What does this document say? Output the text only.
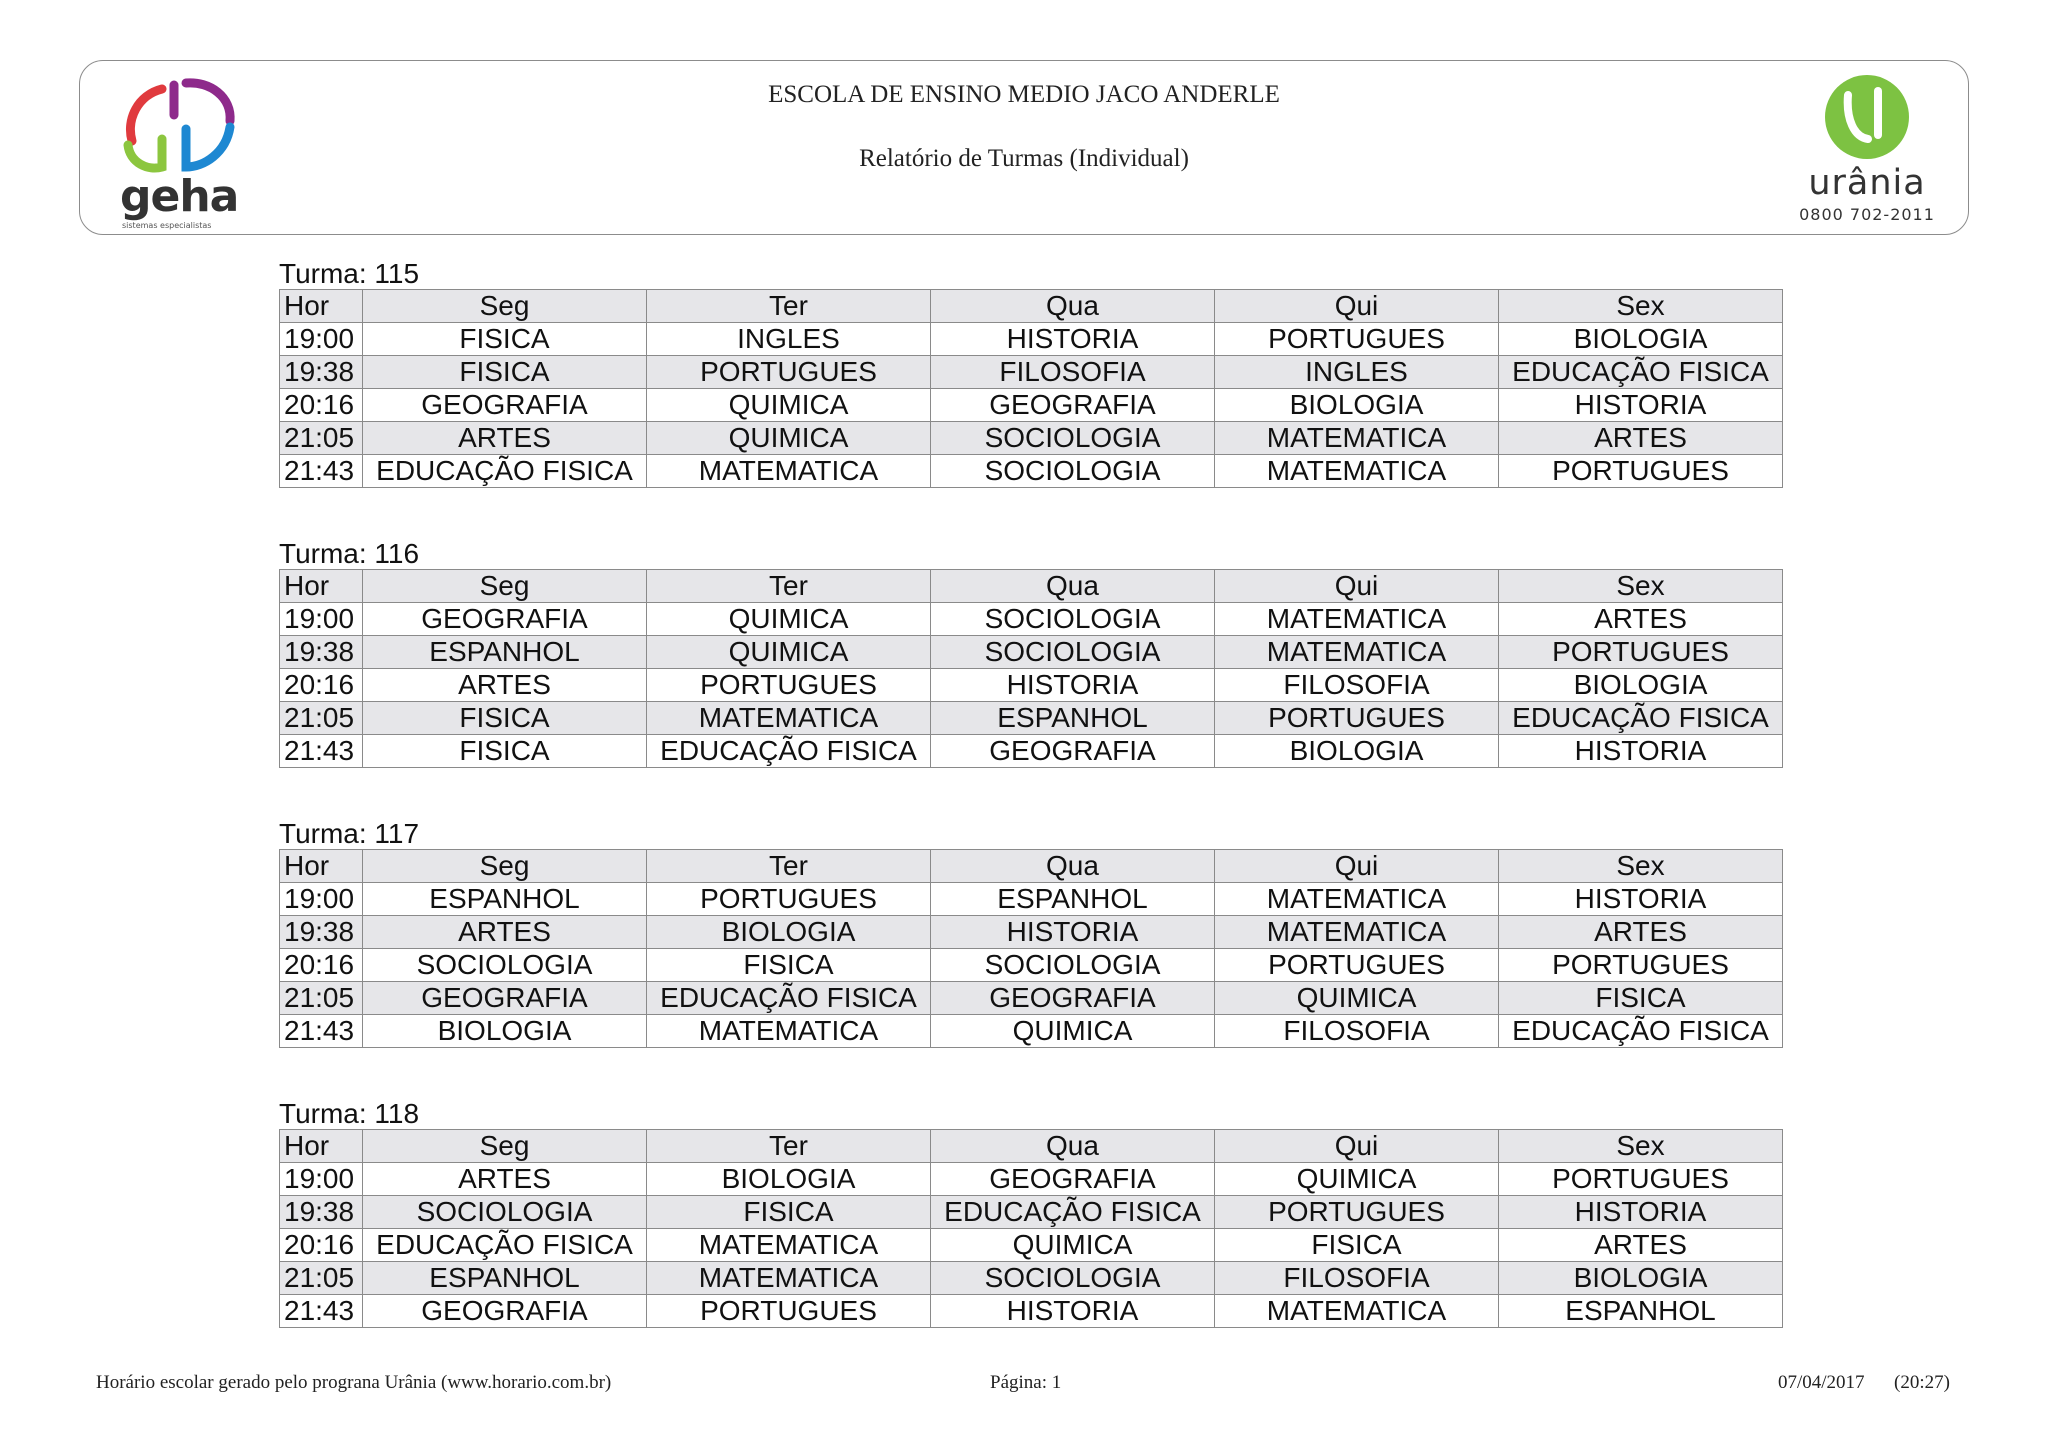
geha
sistemas especialistas
ESCOLA DE ENSINO MEDIO JACO ANDERLE
Relatório de Turmas (Individual)
urânia
0800 702-2011
Turma: 115
Hor	Seg	Ter	Qua	Qui	Sex
19:00	FISICA	INGLES	HISTORIA	PORTUGUES	BIOLOGIA
19:38	FISICA	PORTUGUES	FILOSOFIA	INGLES	EDUCAÇÃO FISICA
20:16	GEOGRAFIA	QUIMICA	GEOGRAFIA	BIOLOGIA	HISTORIA
21:05	ARTES	QUIMICA	SOCIOLOGIA	MATEMATICA	ARTES
21:43	EDUCAÇÃO FISICA	MATEMATICA	SOCIOLOGIA	MATEMATICA	PORTUGUES
Turma: 116
Hor	Seg	Ter	Qua	Qui	Sex
19:00	GEOGRAFIA	QUIMICA	SOCIOLOGIA	MATEMATICA	ARTES
19:38	ESPANHOL	QUIMICA	SOCIOLOGIA	MATEMATICA	PORTUGUES
20:16	ARTES	PORTUGUES	HISTORIA	FILOSOFIA	BIOLOGIA
21:05	FISICA	MATEMATICA	ESPANHOL	PORTUGUES	EDUCAÇÃO FISICA
21:43	FISICA	EDUCAÇÃO FISICA	GEOGRAFIA	BIOLOGIA	HISTORIA
Turma: 117
Hor	Seg	Ter	Qua	Qui	Sex
19:00	ESPANHOL	PORTUGUES	ESPANHOL	MATEMATICA	HISTORIA
19:38	ARTES	BIOLOGIA	HISTORIA	MATEMATICA	ARTES
20:16	SOCIOLOGIA	FISICA	SOCIOLOGIA	PORTUGUES	PORTUGUES
21:05	GEOGRAFIA	EDUCAÇÃO FISICA	GEOGRAFIA	QUIMICA	FISICA
21:43	BIOLOGIA	MATEMATICA	QUIMICA	FILOSOFIA	EDUCAÇÃO FISICA
Turma: 118
Hor	Seg	Ter	Qua	Qui	Sex
19:00	ARTES	BIOLOGIA	GEOGRAFIA	QUIMICA	PORTUGUES
19:38	SOCIOLOGIA	FISICA	EDUCAÇÃO FISICA	PORTUGUES	HISTORIA
20:16	EDUCAÇÃO FISICA	MATEMATICA	QUIMICA	FISICA	ARTES
21:05	ESPANHOL	MATEMATICA	SOCIOLOGIA	FILOSOFIA	BIOLOGIA
21:43	GEOGRAFIA	PORTUGUES	HISTORIA	MATEMATICA	ESPANHOL
Horário escolar gerado pelo prograna Urânia (www.horario.com.br)	Página: 1	07/04/2017 (20:27)
